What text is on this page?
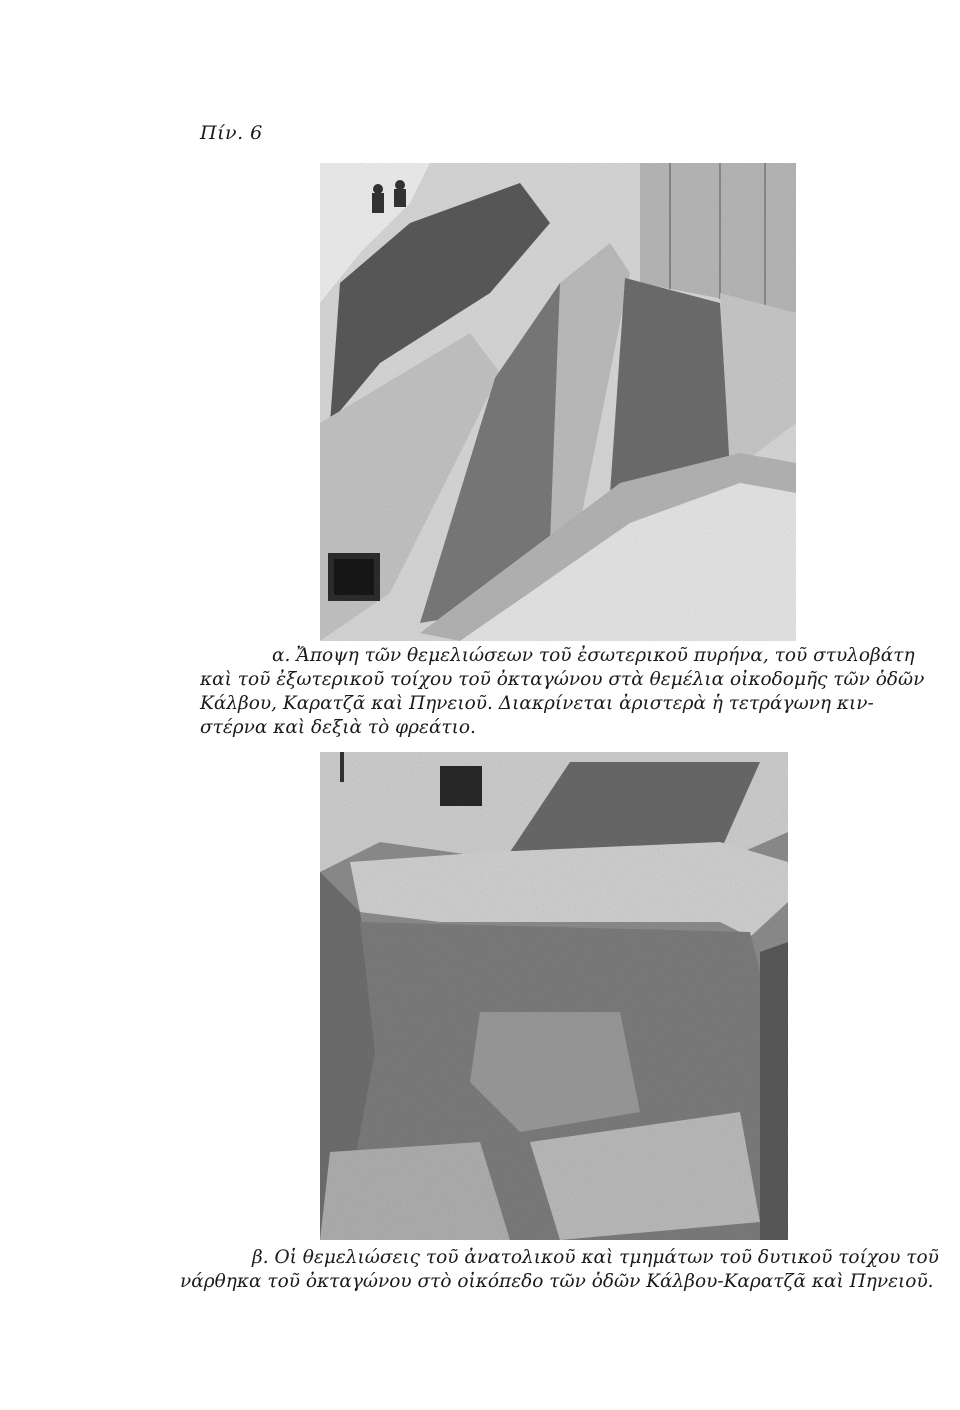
Πίν. 6
α. Ἄποψη τῶν θεμελιώσεων τοῦ ἐσωτερικοῦ πυρήνα, τοῦ στυλοβάτη
καὶ τοῦ ἐξωτερικοῦ τοίχου τοῦ ὀκταγώνου στὰ θεμέλια οἰκοδομῆς τῶν ὁδῶν
Κάλβου, Καρατζᾶ καὶ Πηνειοῦ. Διακρίνεται ἀριστερὰ ἡ τετράγωνη κιν-
στέρνα καὶ δεξιὰ τὸ φρεάτιο.
β. Οἱ θεμελιώσεις τοῦ ἀνατολικοῦ καὶ τμημάτων τοῦ δυτικοῦ τοίχου τοῦ
νάρθηκα τοῦ ὀκταγώνου στὸ οἰκόπεδο τῶν ὁδῶν Κάλβου-Καρατζᾶ καὶ Πηνειοῦ.
